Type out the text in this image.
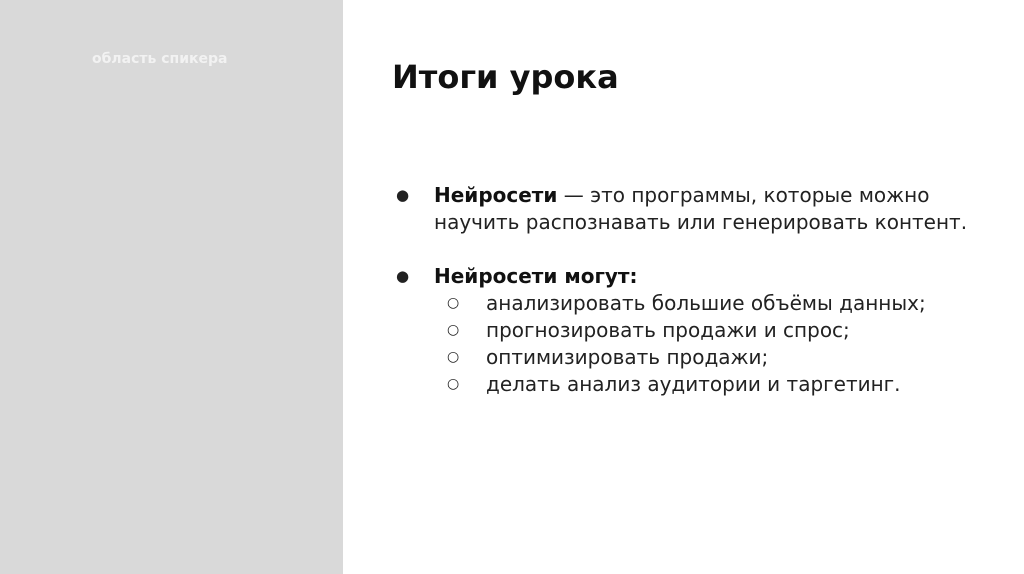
область спикера	Итоги урока
● Нейросети — это программы, которые можно научить распознавать или генерировать контент.
● Нейросети могут:
○ анализировать большие объёмы данных;
○ прогнозировать продажи и спрос;
○ оптимизировать продажи;
○ делать анализ аудитории и таргетинг.
